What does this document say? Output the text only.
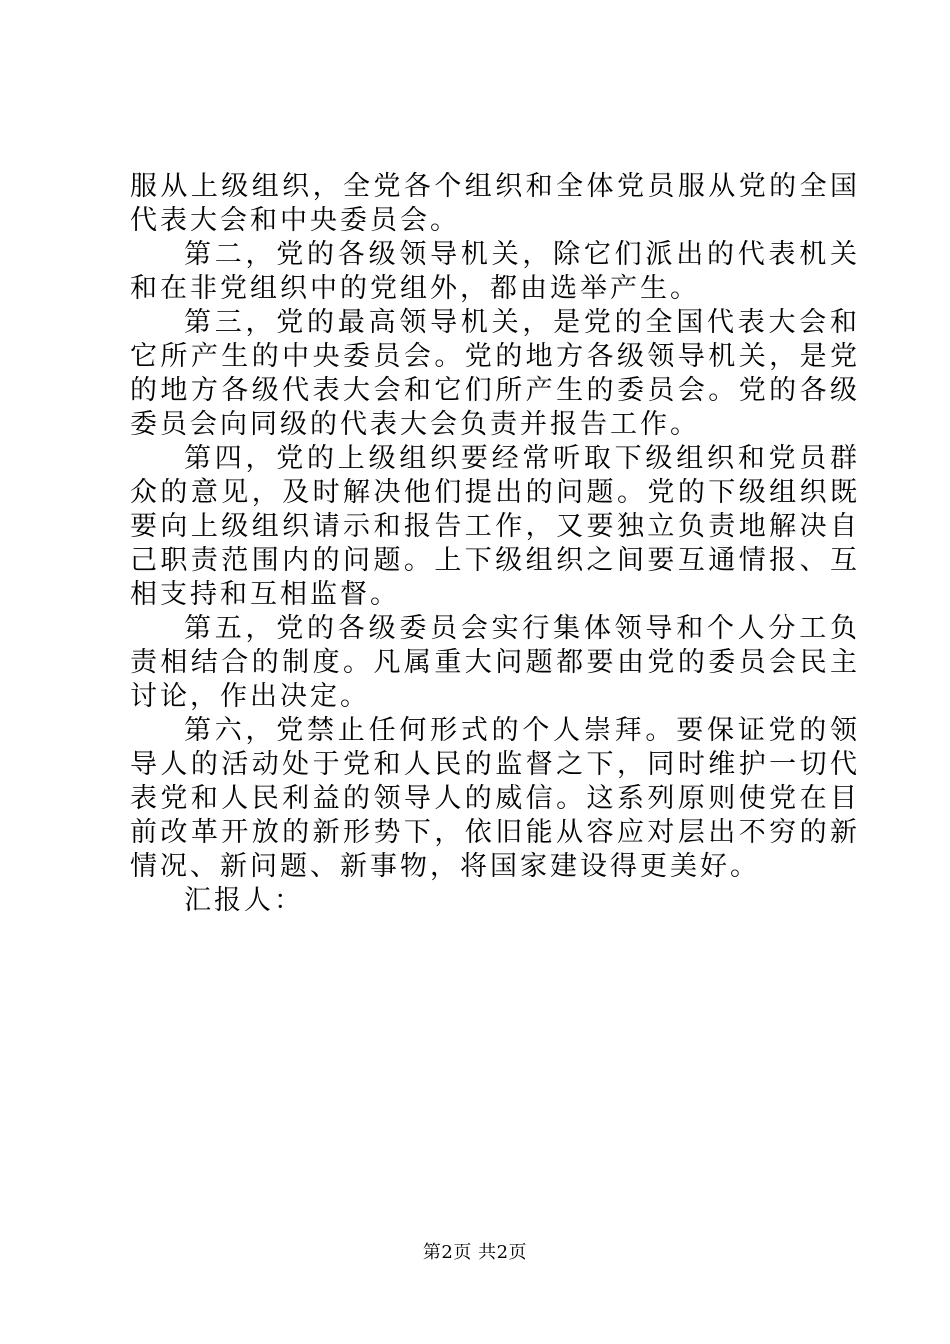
服从上级组织，全党各个组织和全体党员服从党的全国代表大会和中央委员会。

第二，党的各级领导机关，除它们派出的代表机关和在非党组织中的党组外，都由选举产生。

第三，党的最高领导机关，是党的全国代表大会和它所产生的中央委员会。党的地方各级领导机关，是党的地方各级代表大会和它们所产生的委员会。党的各级委员会向同级的代表大会负责并报告工作。

第四，党的上级组织要经常听取下级组织和党员群众的意见，及时解决他们提出的问题。党的下级组织既要向上级组织请示和报告工作，又要独立负责地解决自己职责范围内的问题。上下级组织之间要互通情报、互相支持和互相监督。

第五，党的各级委员会实行集体领导和个人分工负责相结合的制度。凡属重大问题都要由党的委员会民主讨论，作出决定。

第六，党禁止任何形式的个人崇拜。要保证党的领导人的活动处于党和人民的监督之下，同时维护一切代表党和人民利益的领导人的威信。这系列原则使党在目前改革开放的新形势下，依旧能从容应对层出不穷的新情况、新问题、新事物，将国家建设得更美好。

汇报人：

第2页 共2页
